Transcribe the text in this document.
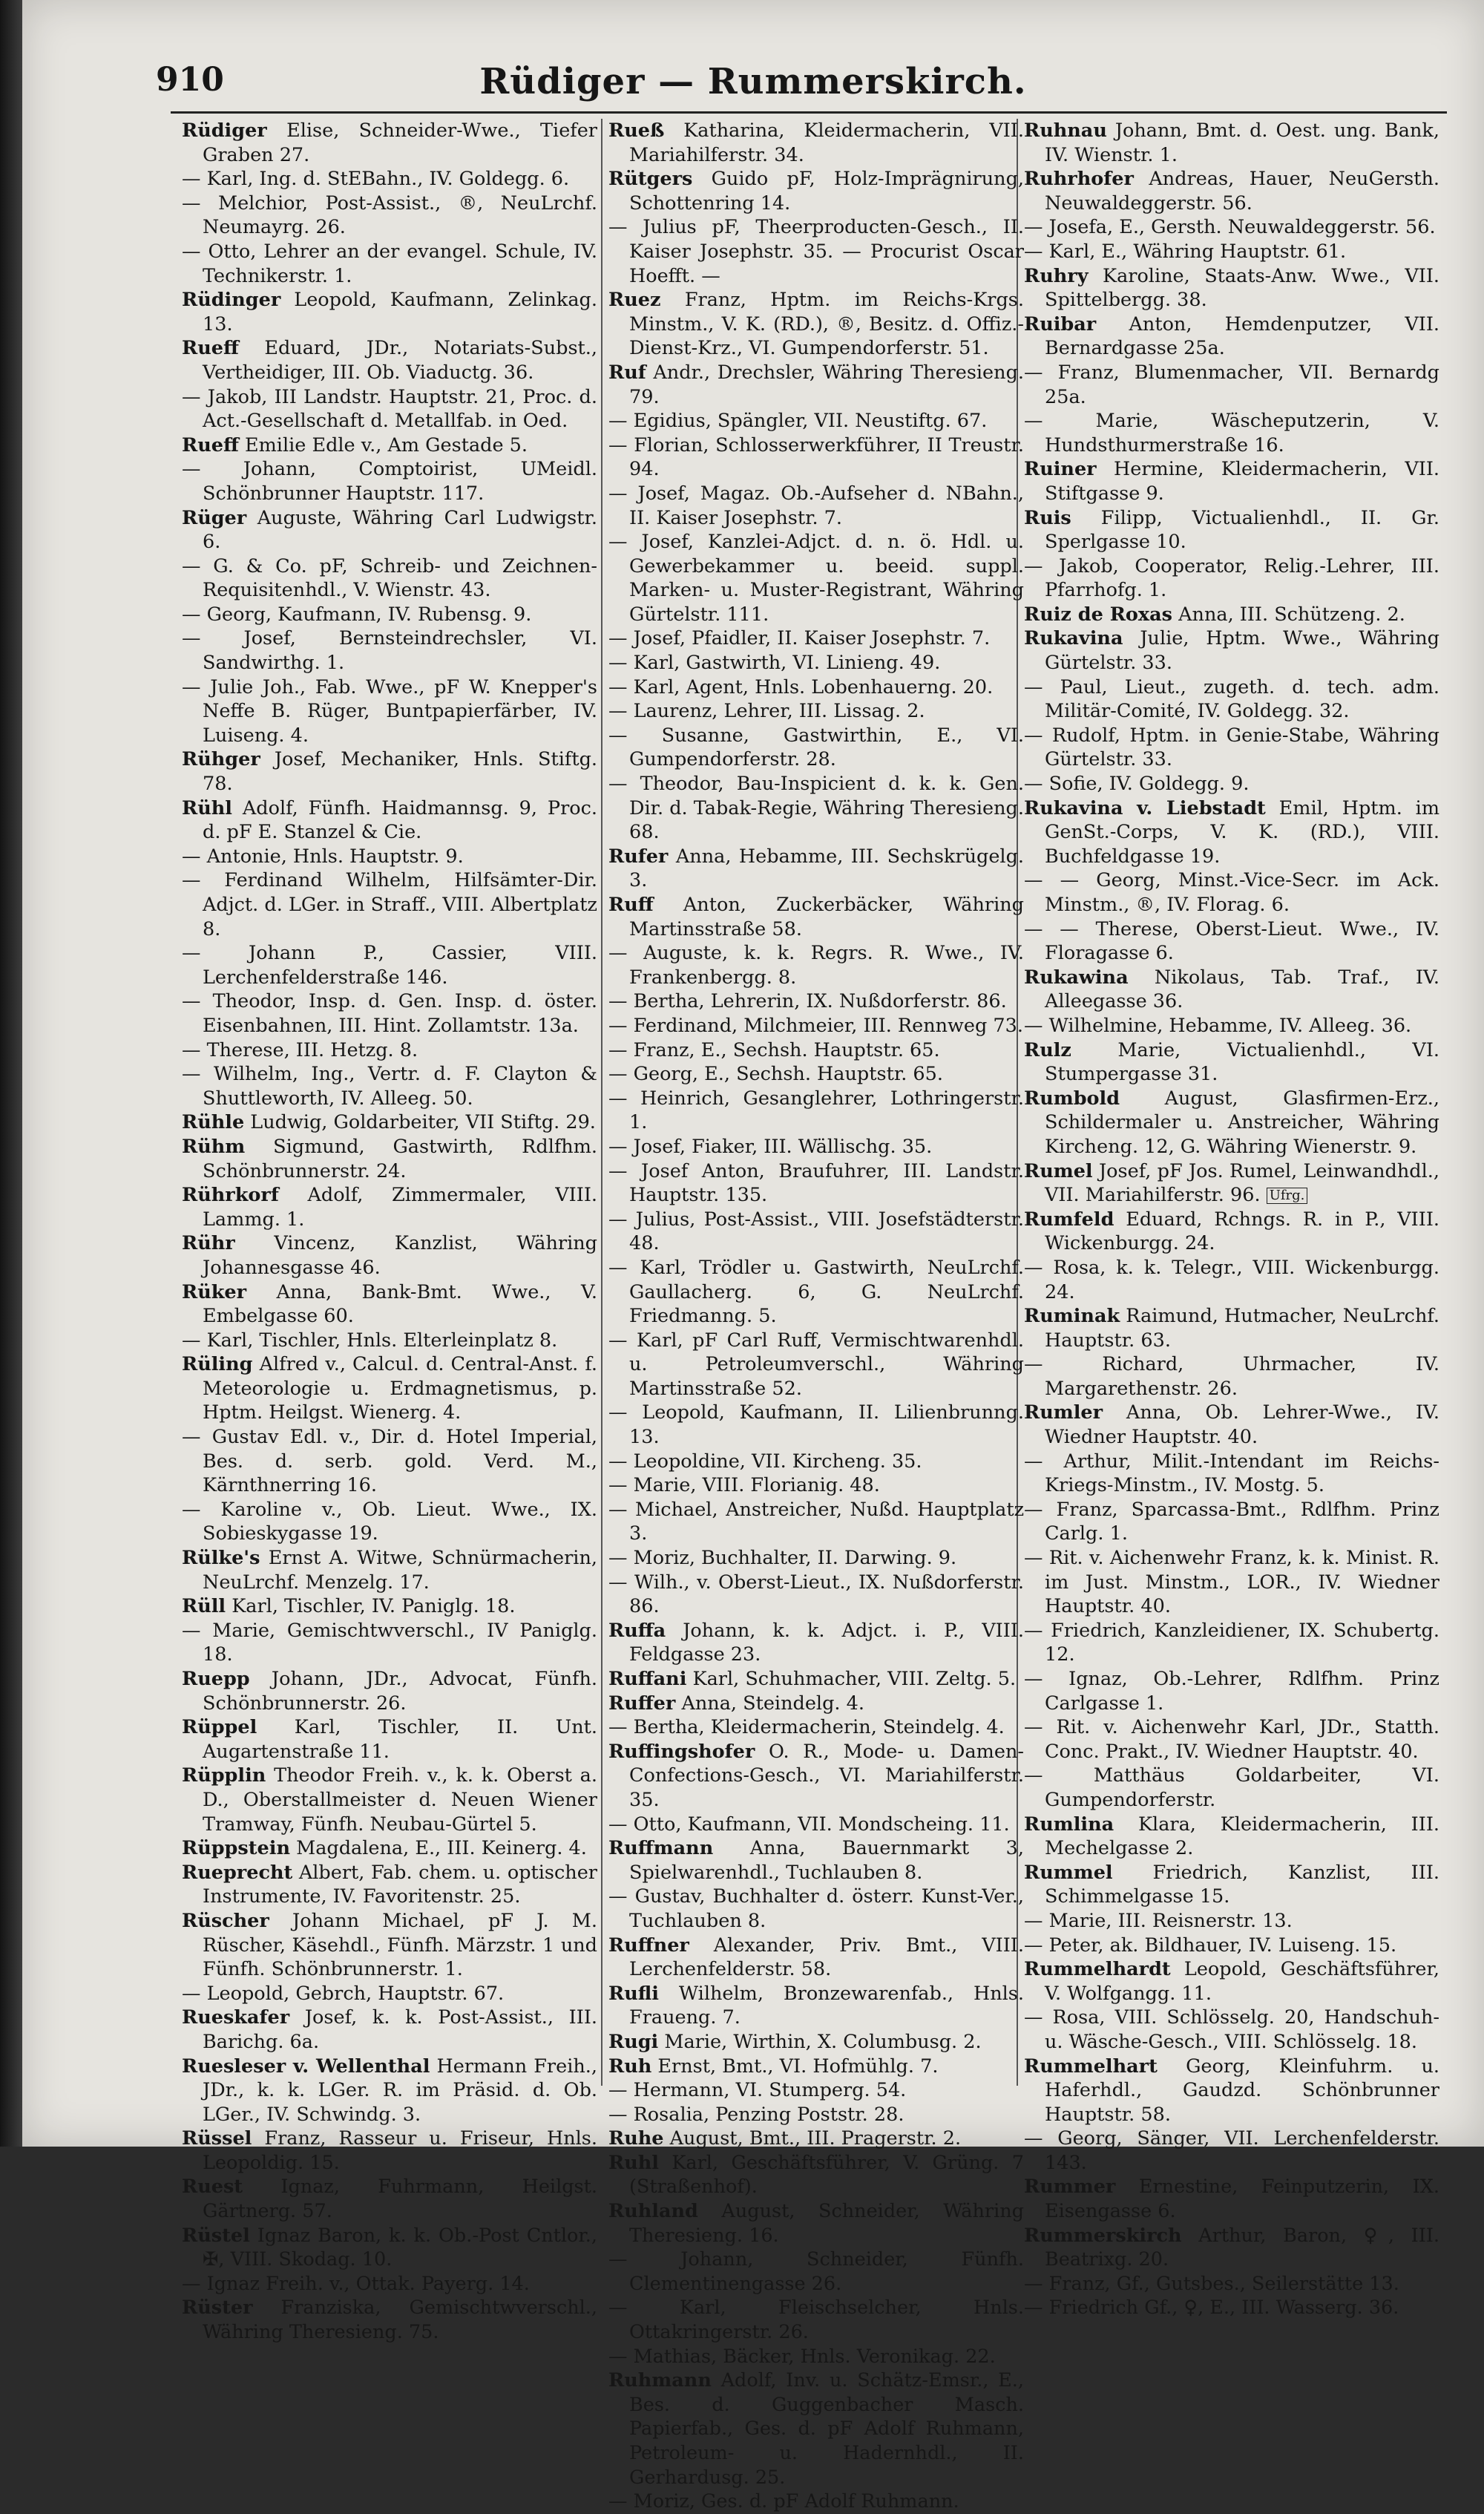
910	Rüdiger — Rummerskirch.

Rüdiger Elise, Schneider-Wwe., Tiefer Graben 27.

— Karl, Ing. d. StEBahn., IV. Goldegg. 6.

— Melchior, Post-Assist., ®, NeuLrchf. Neumayrg. 26.

— Otto, Lehrer an der evangel. Schule, IV. Technikerstr. 1.

Rüdinger Leopold, Kaufmann, Zelinkag. 13.

Rueff Eduard, JDr., Notariats-Subst., Vertheidiger, III. Ob. Viaductg. 36.

— Jakob, III Landstr. Hauptstr. 21, Proc. d. Act.-Gesellschaft d. Metallfab. in Oed.

Rueff Emilie Edle v., Am Gestade 5.

— Johann, Comptoirist, UMeidl. Schönbrunner Hauptstr. 117.

Rüger Auguste, Währing Carl Ludwigstr. 6.

— G. & Co. pF, Schreib- und Zeichnen-Requisitenhdl., V. Wienstr. 43.

— Georg, Kaufmann, IV. Rubensg. 9.

— Josef, Bernsteindrechsler, VI. Sandwirthg. 1.

— Julie Joh., Fab. Wwe., pF W. Knepper's Neffe B. Rüger, Buntpapierfärber, IV. Luiseng. 4.

Rühger Josef, Mechaniker, Hnls. Stiftg. 78.

Rühl Adolf, Fünfh. Haidmannsg. 9, Proc. d. pF E. Stanzel & Cie.

— Antonie, Hnls. Hauptstr. 9.

— Ferdinand Wilhelm, Hilfsämter-Dir. Adjct. d. LGer. in Straff., VIII. Albertplatz 8.

— Johann P., Cassier, VIII. Lerchenfelderstraße 146.

— Theodor, Insp. d. Gen. Insp. d. öster. Eisenbahnen, III. Hint. Zollamtstr. 13a.

— Therese, III. Hetzg. 8.

— Wilhelm, Ing., Vertr. d. F. Clayton & Shuttleworth, IV. Alleeg. 50.

Rühle Ludwig, Goldarbeiter, VII Stiftg. 29.

Rühm Sigmund, Gastwirth, Rdlfhm. Schönbrunnerstr. 24.

Rührkorf Adolf, Zimmermaler, VIII. Lammg. 1.

Rühr Vincenz, Kanzlist, Währing Johannesgasse 46.

Rüker Anna, Bank-Bmt. Wwe., V. Embelgasse 60.

— Karl, Tischler, Hnls. Elterleinplatz 8.

Rüling Alfred v., Calcul. d. Central-Anst. f. Meteorologie u. Erdmagnetismus, p. Hptm. Heilgst. Wienerg. 4.

— Gustav Edl. v., Dir. d. Hotel Imperial, Bes. d. serb. gold. Verd. M., Kärnthnerring 16.

— Karoline v., Ob. Lieut. Wwe., IX. Sobieskygasse 19.

Rülke's Ernst A. Witwe, Schnürmacherin, NeuLrchf. Menzelg. 17.

Rüll Karl, Tischler, IV. Paniglg. 18.

— Marie, Gemischtwverschl., IV Paniglg. 18.

Ruepp Johann, JDr., Advocat, Fünfh. Schönbrunnerstr. 26.

Rüppel Karl, Tischler, II. Unt. Augartenstraße 11.

Rüpplin Theodor Freih. v., k. k. Oberst a. D., Oberstallmeister d. Neuen Wiener Tramway, Fünfh. Neubau-Gürtel 5.

Rüppstein Magdalena, E., III. Keinerg. 4.

Rueprecht Albert, Fab. chem. u. optischer Instrumente, IV. Favoritenstr. 25.

Rüscher Johann Michael, pF J. M. Rüscher, Käsehdl., Fünfh. Märzstr. 1 und Fünfh. Schönbrunnerstr. 1.

— Leopold, Gebrch, Hauptstr. 67.

Rueskafer Josef, k. k. Post-Assist., III. Barichg. 6a.

Ruesleser v. Wellenthal Hermann Freih., JDr., k. k. LGer. R. im Präsid. d. Ob. LGer., IV. Schwindg. 3.

Rüssel Franz, Rasseur u. Friseur, Hnls. Leopoldig. 15.

Ruest Ignaz, Fuhrmann, Heilgst. Gärtnerg. 57.

Rüstel Ignaz Baron, k. k. Ob.-Post Cntlor., ✠, VIII. Skodag. 10.

— Ignaz Freih. v., Ottak. Payerg. 14.

Rüster Franziska, Gemischtwverschl., Währing Theresieng. 75.

Rueß Katharina, Kleidermacherin, VII. Mariahilferstr. 34.

Rütgers Guido pF, Holz-Imprägnirung, Schottenring 14.

— Julius pF, Theerproducten-Gesch., II. Kaiser Josephstr. 35. — Procurist Oscar Hoefft. —

Ruez Franz, Hptm. im Reichs-Krgs. Minstm., V. K. (RD.), ®, Besitz. d. Offiz.-Dienst-Krz., VI. Gumpendorferstr. 51.

Ruf Andr., Drechsler, Währing Theresieng. 79.

— Egidius, Spängler, VII. Neustiftg. 67.

— Florian, Schlosserwerkführer, II Treustr. 94.

— Josef, Magaz. Ob.-Aufseher d. NBahn., II. Kaiser Josephstr. 7.

— Josef, Kanzlei-Adjct. d. n. ö. Hdl. u. Gewerbekammer u. beeid. suppl. Marken- u. Muster-Registrant, Währing Gürtelstr. 111.

— Josef, Pfaidler, II. Kaiser Josephstr. 7.

— Karl, Gastwirth, VI. Linieng. 49.

— Karl, Agent, Hnls. Lobenhauerng. 20.

— Laurenz, Lehrer, III. Lissag. 2.

— Susanne, Gastwirthin, E., VI. Gumpendorferstr. 28.

— Theodor, Bau-Inspicient d. k. k. Gen. Dir. d. Tabak-Regie, Währing Theresieng. 68.

Rufer Anna, Hebamme, III. Sechskrügelg. 3.

Ruff Anton, Zuckerbäcker, Währing Martinsstraße 58.

— Auguste, k. k. Regrs. R. Wwe., IV. Frankenbergg. 8.

— Bertha, Lehrerin, IX. Nußdorferstr. 86.

— Ferdinand, Milchmeier, III. Rennweg 73.

— Franz, E., Sechsh. Hauptstr. 65.

— Georg, E., Sechsh. Hauptstr. 65.

— Heinrich, Gesanglehrer, Lothringerstr. 1.

— Josef, Fiaker, III. Wällischg. 35.

— Josef Anton, Braufuhrer, III. Landstr. Hauptstr. 135.

— Julius, Post-Assist., VIII. Josefstädterstr. 48.

— Karl, Trödler u. Gastwirth, NeuLrchf. Gaullacherg. 6, G. NeuLrchf. Friedmanng. 5.

— Karl, pF Carl Ruff, Vermischtwarenhdl. u. Petroleumverschl., Währing Martinsstraße 52.

— Leopold, Kaufmann, II. Lilienbrunng. 13.

— Leopoldine, VII. Kircheng. 35.

— Marie, VIII. Florianig. 48.

— Michael, Anstreicher, Nußd. Hauptplatz 3.

— Moriz, Buchhalter, II. Darwing. 9.

— Wilh., v. Oberst-Lieut., IX. Nußdorferstr. 86.

Ruffa Johann, k. k. Adjct. i. P., VIII. Feldgasse 23.

Ruffani Karl, Schuhmacher, VIII. Zeltg. 5.

Ruffer Anna, Steindelg. 4.

— Bertha, Kleidermacherin, Steindelg. 4.

Ruffingshofer O. R., Mode- u. Damen-Confections-Gesch., VI. Mariahilferstr. 35.

— Otto, Kaufmann, VII. Mondscheing. 11.

Ruffmann Anna, Bauernmarkt 3, Spielwarenhdl., Tuchlauben 8.

— Gustav, Buchhalter d. österr. Kunst-Ver., Tuchlauben 8.

Ruffner Alexander, Priv. Bmt., VIII. Lerchenfelderstr. 58.

Rufli Wilhelm, Bronzewarenfab., Hnls. Fraueng. 7.

Rugi Marie, Wirthin, X. Columbusg. 2.

Ruh Ernst, Bmt., VI. Hofmühlg. 7.

— Hermann, VI. Stumperg. 54.

— Rosalia, Penzing Poststr. 28.

Ruhe August, Bmt., III. Pragerstr. 2.

Ruhl Karl, Geschäftsführer, V. Grüng. 7 (Straßenhof).

Ruhland August, Schneider, Währing Theresieng. 16.

— Johann, Schneider, Fünfh. Clementinengasse 26.

— Karl, Fleischselcher, Hnls. Ottakringerstr. 26.

— Mathias, Bäcker, Hnls. Veronikag. 22.

Ruhmann Adolf, Inv. u. Schätz-Emsr., E., Bes. d. Guggenbacher Masch. Papierfab., Ges. d. pF Adolf Ruhmann, Petroleum- u. Hadernhdl., II. Gerhardusg. 25.

— Moriz, Ges. d. pF Adolf Ruhmann.

Ruhnau Johann, Bmt. d. Oest. ung. Bank, IV. Wienstr. 1.

Ruhrhofer Andreas, Hauer, NeuGersth. Neuwaldeggerstr. 56.

— Josefa, E., Gersth. Neuwaldeggerstr. 56.

— Karl, E., Währing Hauptstr. 61.

Ruhry Karoline, Staats-Anw. Wwe., VII. Spittelbergg. 38.

Ruibar Anton, Hemdenputzer, VII. Bernardgasse 25a.

— Franz, Blumenmacher, VII. Bernardg 25a.

— Marie, Wäscheputzerin, V. Hundsthurmerstraße 16.

Ruiner Hermine, Kleidermacherin, VII. Stiftgasse 9.

Ruis Filipp, Victualienhdl., II. Gr. Sperlgasse 10.

— Jakob, Cooperator, Relig.-Lehrer, III. Pfarrhofg. 1.

Ruiz de Roxas Anna, III. Schützeng. 2.

Rukavina Julie, Hptm. Wwe., Währing Gürtelstr. 33.

— Paul, Lieut., zugeth. d. tech. adm. Militär-Comité, IV. Goldegg. 32.

— Rudolf, Hptm. in Genie-Stabe, Währing Gürtelstr. 33.

— Sofie, IV. Goldegg. 9.

Rukavina v. Liebstadt Emil, Hptm. im GenSt.-Corps, V. K. (RD.), VIII. Buchfeldgasse 19.

— — Georg, Minst.-Vice-Secr. im Ack. Minstm., ®, IV. Florag. 6.

— — Therese, Oberst-Lieut. Wwe., IV. Floragasse 6.

Rukawina Nikolaus, Tab. Traf., IV. Alleegasse 36.

— Wilhelmine, Hebamme, IV. Alleeg. 36.

Rulz Marie, Victualienhdl., VI. Stumpergasse 31.

Rumbold August, Glasfirmen-Erz., Schildermaler u. Anstreicher, Währing Kircheng. 12, G. Währing Wienerstr. 9.

Rumel Josef, pF Jos. Rumel, Leinwandhdl., VII. Mariahilferstr. 96. Ufrg.

Rumfeld Eduard, Rchngs. R. in P., VIII. Wickenburgg. 24.

— Rosa, k. k. Telegr., VIII. Wickenburgg. 24.

Ruminak Raimund, Hutmacher, NeuLrchf. Hauptstr. 63.

— Richard, Uhrmacher, IV. Margarethenstr. 26.

Rumler Anna, Ob. Lehrer-Wwe., IV. Wiedner Hauptstr. 40.

— Arthur, Milit.-Intendant im Reichs-Kriegs-Minstm., IV. Mostg. 5.

— Franz, Sparcassa-Bmt., Rdlfhm. Prinz Carlg. 1.

— Rit. v. Aichenwehr Franz, k. k. Minist. R. im Just. Minstm., LOR., IV. Wiedner Hauptstr. 40.

— Friedrich, Kanzleidiener, IX. Schubertg. 12.

— Ignaz, Ob.-Lehrer, Rdlfhm. Prinz Carlgasse 1.

— Rit. v. Aichenwehr Karl, JDr., Statth. Conc. Prakt., IV. Wiedner Hauptstr. 40.

— Matthäus Goldarbeiter, VI. Gumpendorferstr.

Rumlina Klara, Kleidermacherin, III. Mechelgasse 2.

Rummel Friedrich, Kanzlist, III. Schimmelgasse 15.

— Marie, III. Reisnerstr. 13.

— Peter, ak. Bildhauer, IV. Luiseng. 15.

Rummelhardt Leopold, Geschäftsführer, V. Wolfgangg. 11.

— Rosa, VIII. Schlösselg. 20, Handschuh- u. Wäsche-Gesch., VIII. Schlösselg. 18.

Rummelhart Georg, Kleinfuhrm. u. Haferhdl., Gaudzd. Schönbrunner Hauptstr. 58.

— Georg, Sänger, VII. Lerchenfelderstr. 143.

Rummer Ernestine, Feinputzerin, IX. Eisengasse 6.

Rummerskirch Arthur, Baron, ♀, III. Beatrixg. 20.

— Franz, Gf., Gutsbes., Seilerstätte 13.

— Friedrich Gf., ♀, E., III. Wasserg. 36.
